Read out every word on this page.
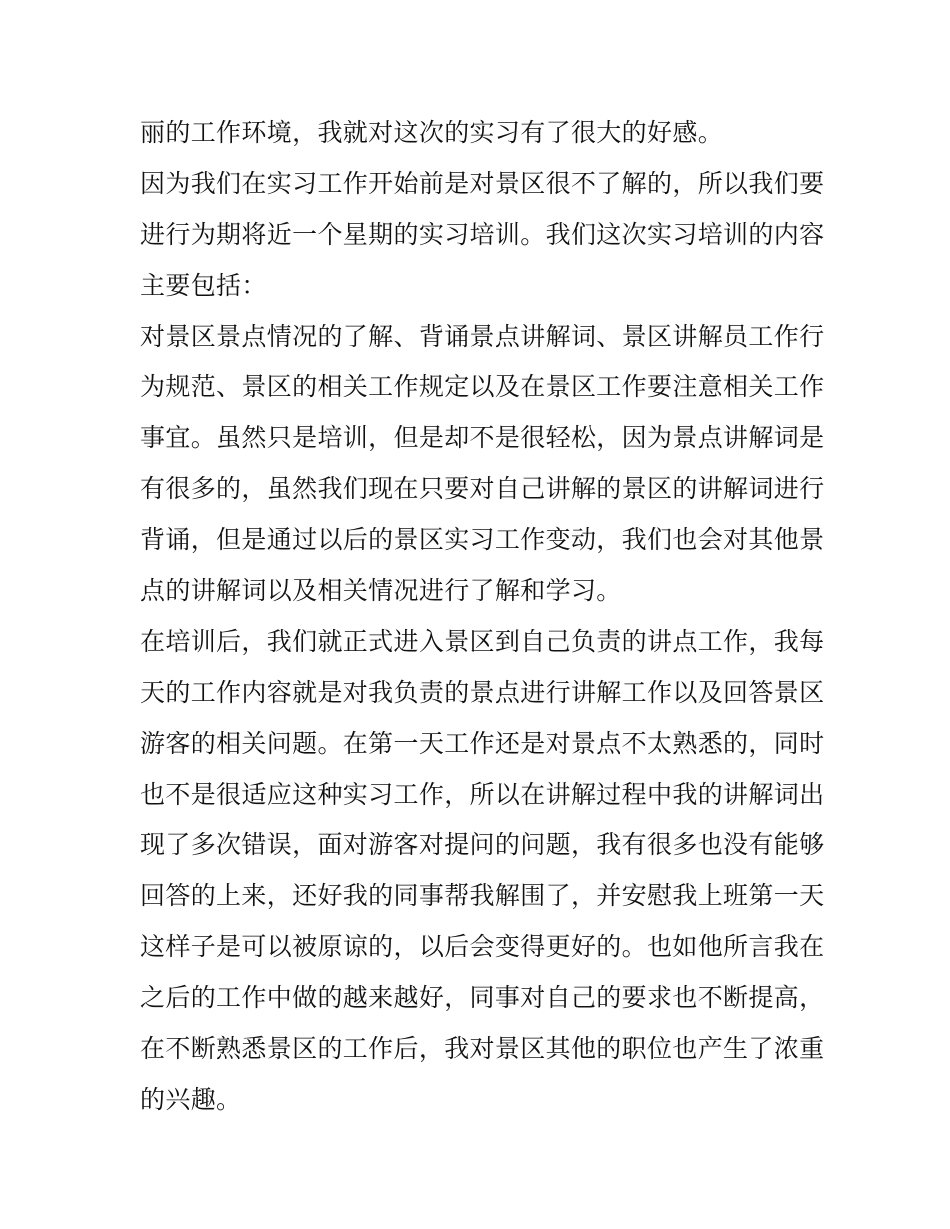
丽的工作环境，我就对这次的实习有了很大的好感。
因为我们在实习工作开始前是对景区很不了解的，所以我们要
进行为期将近一个星期的实习培训。我们这次实习培训的内容
主要包括：
对景区景点情况的了解、背诵景点讲解词、景区讲解员工作行
为规范、景区的相关工作规定以及在景区工作要注意相关工作
事宜。虽然只是培训，但是却不是很轻松，因为景点讲解词是
有很多的，虽然我们现在只要对自己讲解的景区的讲解词进行
背诵，但是通过以后的景区实习工作变动，我们也会对其他景
点的讲解词以及相关情况进行了解和学习。
在培训后，我们就正式进入景区到自己负责的讲点工作，我每
天的工作内容就是对我负责的景点进行讲解工作以及回答景区
游客的相关问题。在第一天工作还是对景点不太熟悉的，同时
也不是很适应这种实习工作，所以在讲解过程中我的讲解词出
现了多次错误，面对游客对提问的问题，我有很多也没有能够
回答的上来，还好我的同事帮我解围了，并安慰我上班第一天
这样子是可以被原谅的，以后会变得更好的。也如他所言我在
之后的工作中做的越来越好，同事对自己的要求也不断提高，
在不断熟悉景区的工作后，我对景区其他的职位也产生了浓重
的兴趣。
